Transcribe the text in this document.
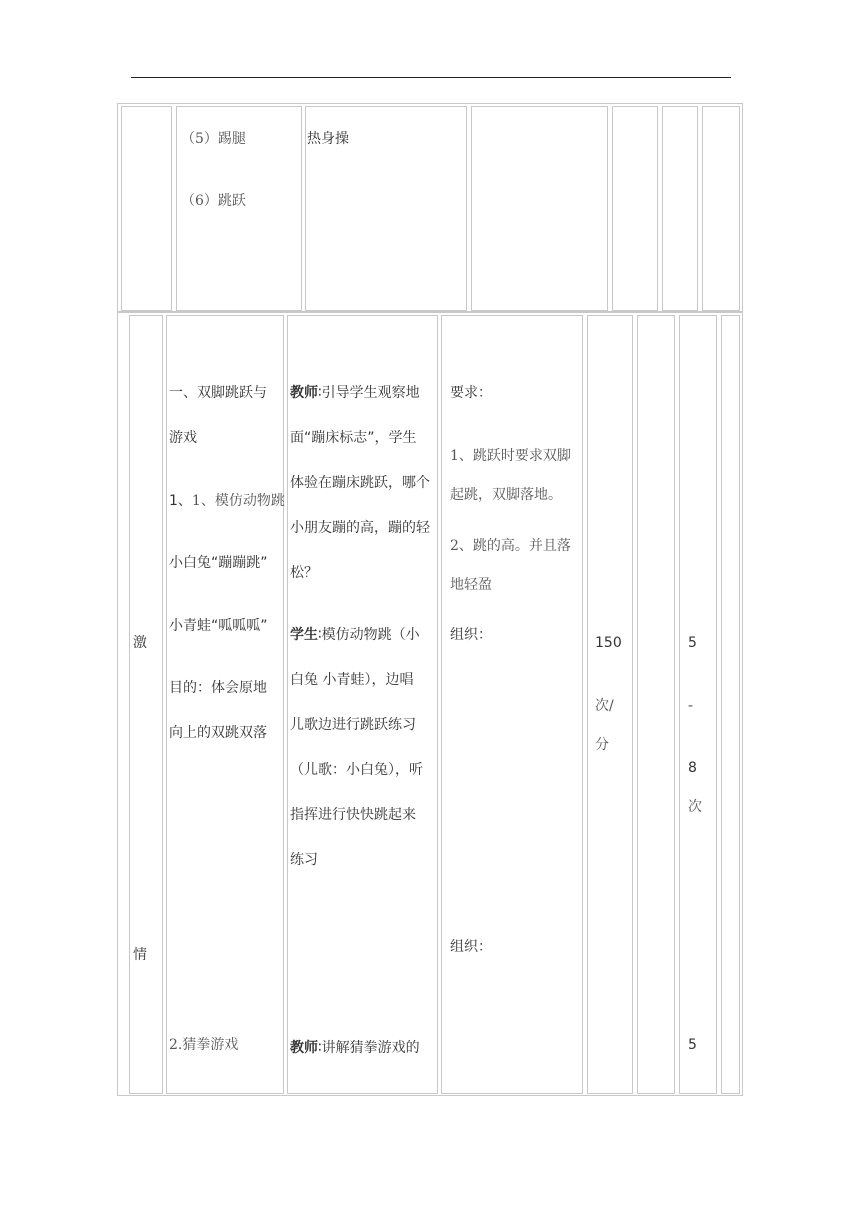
（5）踢腿
（6）跳跃
热身操
激
情
一、双脚跳跃与
游戏
1、1、模仿动物跳
小白兔“蹦蹦跳”
小青蛙“呱呱呱”
目的：体会原地
向上的双跳双落
2.猜拳游戏
教师∶引导学生观察地
面“蹦床标志”，学生
体验在蹦床跳跃，哪个
小朋友蹦的高，蹦的轻
松？
学生∶模仿动物跳（小
白兔 小青蛙），边唱
儿歌边进行跳跃练习
（儿歌：小白兔），听
指挥进行快快跳起来
练习
教师∶讲解猜拳游戏的
要求：
1、跳跃时要求双脚
起跳，双脚落地。
2、跳的高。并且落
地轻盈
组织：
组织：
150
次/
分
5
-
8
次
5
